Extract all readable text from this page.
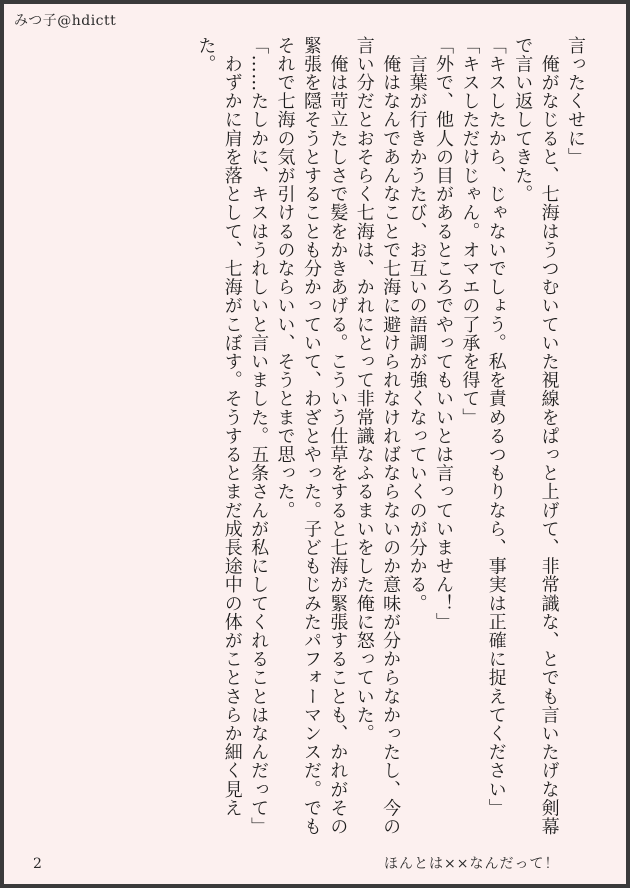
みつ子@hdictt

言ったくせに」

　俺がなじると、七海はうつむいていた視線をぱっと上げて、非常識な、とでも言いたげな剣幕で言い返してきた。

「キスしたから、じゃないでしょう。私を責めるつもりなら、事実は正確に捉えてください」

「キスしただけじゃん。オマエの了承を得て」

「外で、他人の目があるところでやってもいいとは言っていません！」

　言葉が行きかうたび、お互いの語調が強くなっていくのが分かる。

　俺はなんであんなことで七海に避けられなければならないのか意味が分からなかったし、今の言い分だとおそらく七海は、かれにとって非常識なふるまいをした俺に怒っていた。

　俺は苛立たしさで髪をかきあげる。こういう仕草をすると七海が緊張することも、かれがその緊張を隠そうとすることも分かっていて、わざとやった。子どもじみたパフォーマンスだ。でもそれで七海の気が引けるのならいい、そうとまで思った。

「……たしかに、キスはうれしいと言いました。五条さんが私にしてくれることはなんだって」

　わずかに肩を落として、七海がこぼす。そうするとまだ成長途中の体がことさらか細く見えた。

2	ほんとは××なんだって！
